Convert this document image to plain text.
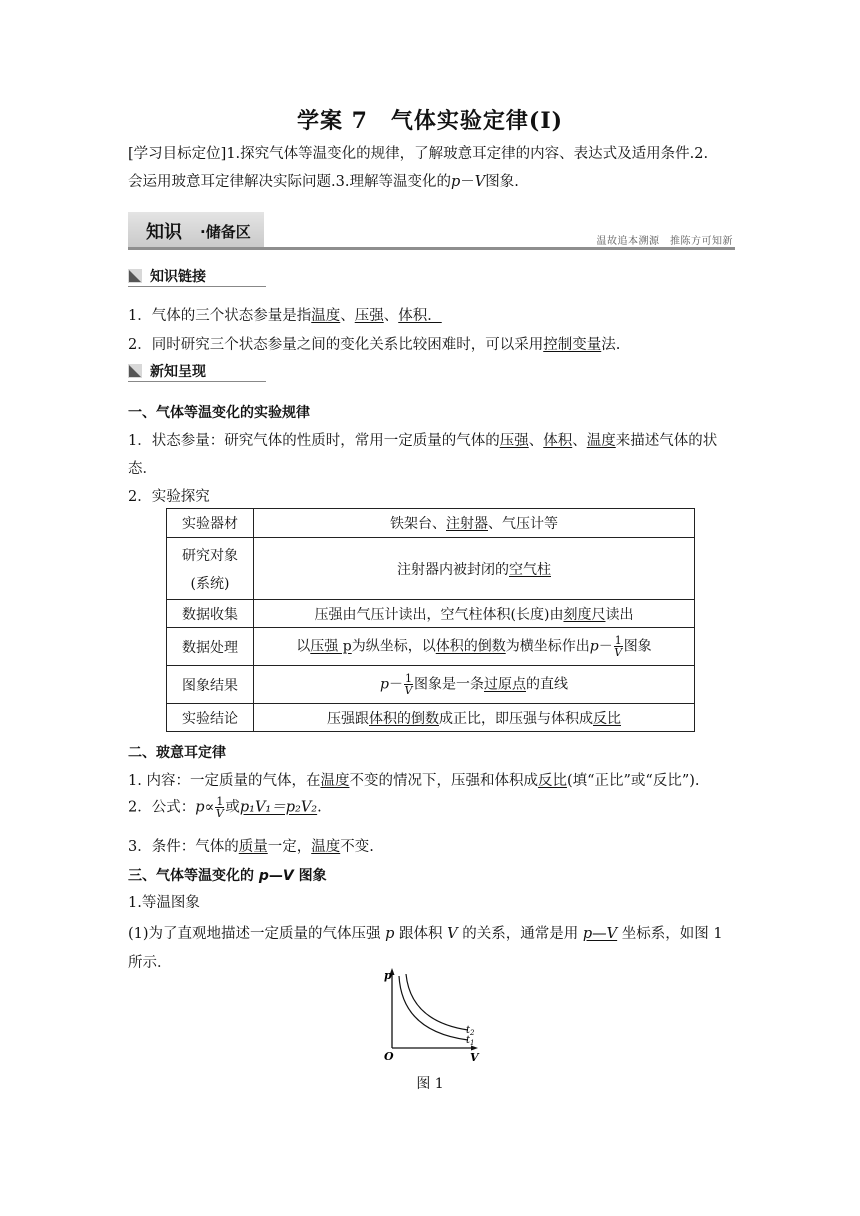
学案 7　气体实验定律(Ⅰ)
[学习目标定位]1.探究气体等温变化的规律，了解玻意耳定律的内容、表达式及适用条件.2.
会运用玻意耳定律解决实际问题.3.理解等温变化的p－V图象.
知识 ·储备区
温故追本溯源　推陈方可知新
知识链接
1．气体的三个状态参量是指温度、压强、体积．
2．同时研究三个状态参量之间的变化关系比较困难时，可以采用控制变量法.
新知呈现
一、气体等温变化的实验规律
1．状态参量：研究气体的性质时，常用一定质量的气体的压强、体积、温度来描述气体的状
态．
2．实验探究
实验器材	铁架台、注射器、气压计等

研究对象
(系统)	注射器内被封闭的空气柱
数据收集	压强由气压计读出，空气柱体积(长度)由刻度尺读出
数据处理	以压强 p为纵坐标，以体积的倒数为横坐标作出$p- \frac{1}{V}$ 图象
图象结果	$p- \frac{1}{V}$ 图象是一条过原点的直线
实验结论	压强跟体积的倒数成正比，即压强与体积成反比
二、玻意耳定律
1. 内容：一定质量的气体，在温度不变的情况下，压强和体积成反比(填“正比”或“反比”).
2．公式：$p\propto \frac{1}{V}$ 或p₁V₁＝p₂V₂.
3．条件：气体的质量一定，温度不变.
三、气体等温变化的 p—V 图象
1.等温图象
(1)为了直观地描述一定质量的气体压强 p 跟体积 V 的关系，通常是用 p—V 坐标系，如图 1
所示．
p
V
O
$t_1$
$t_2$
图 1
